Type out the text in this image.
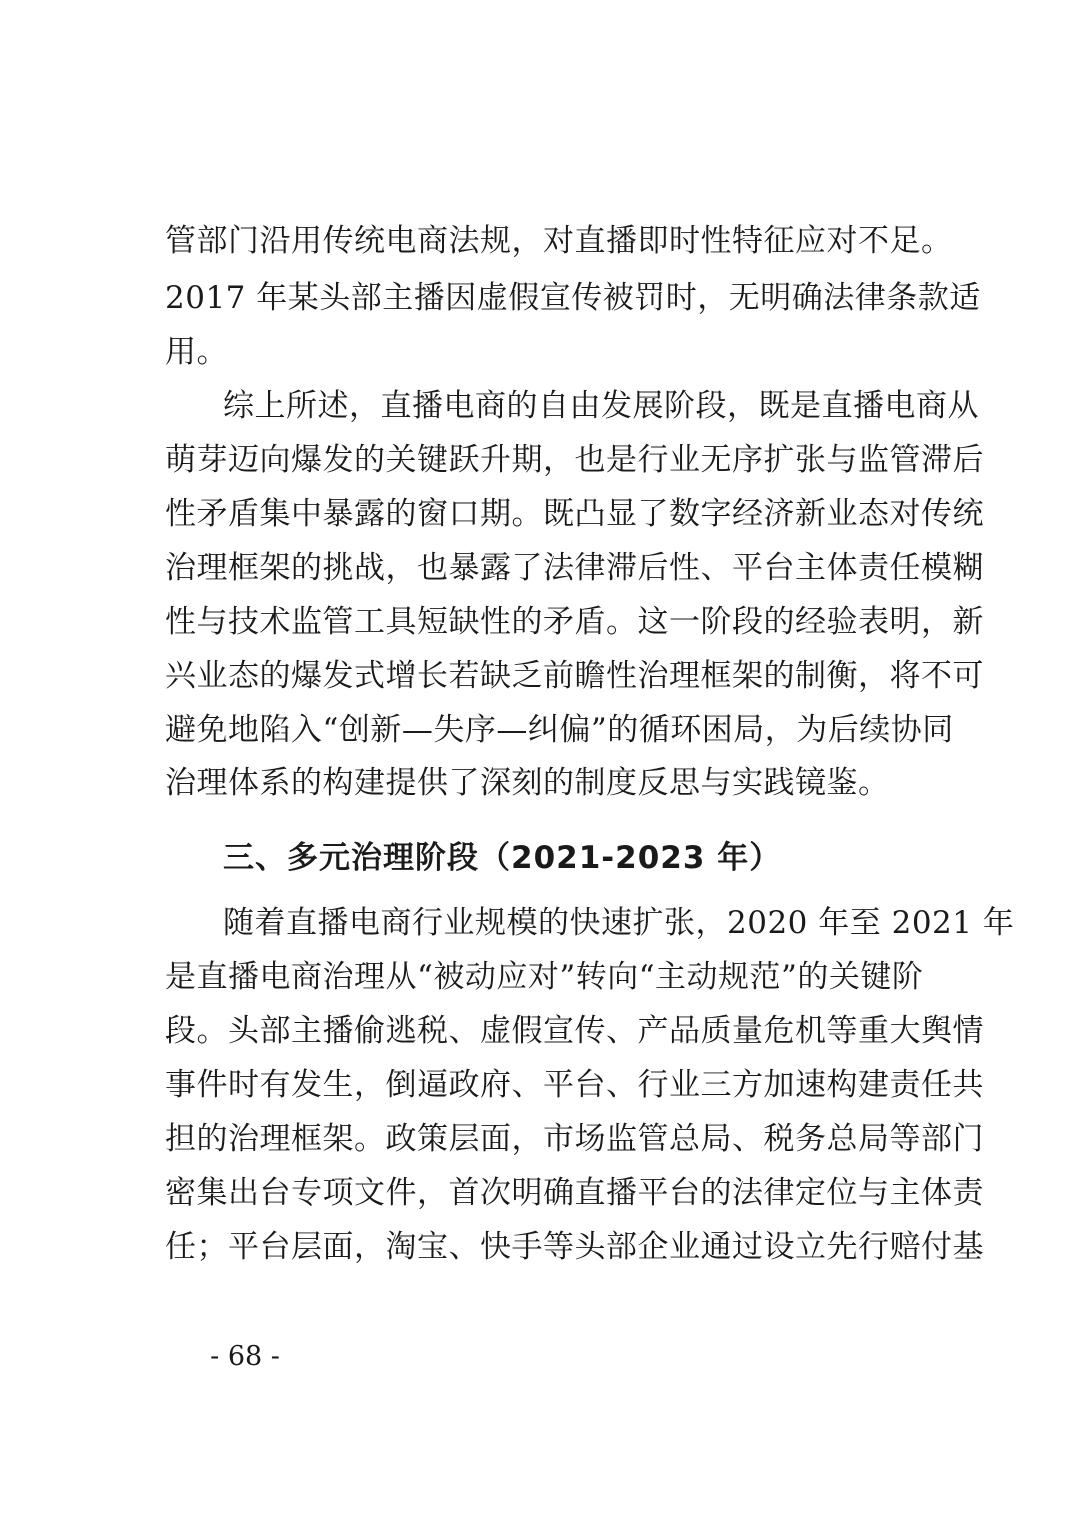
管部门沿用传统电商法规，对直播即时性特征应对不足。
2017 年某头部主播因虚假宣传被罚时，无明确法律条款适
用。
综上所述，直播电商的自由发展阶段，既是直播电商从
萌芽迈向爆发的关键跃升期，也是行业无序扩张与监管滞后
性矛盾集中暴露的窗口期。既凸显了数字经济新业态对传统
治理框架的挑战，也暴露了法律滞后性、平台主体责任模糊
性与技术监管工具短缺性的矛盾。这一阶段的经验表明，新
兴业态的爆发式增长若缺乏前瞻性治理框架的制衡，将不可
避免地陷入“创新—失序—纠偏”的循环困局，为后续协同
治理体系的构建提供了深刻的制度反思与实践镜鉴。
三、多元治理阶段（2021-2023 年）
随着直播电商行业规模的快速扩张，2020 年至 2021 年
是直播电商治理从“被动应对”转向“主动规范”的关键阶
段。头部主播偷逃税、虚假宣传、产品质量危机等重大舆情
事件时有发生，倒逼政府、平台、行业三方加速构建责任共
担的治理框架。政策层面，市场监管总局、税务总局等部门
密集出台专项文件，首次明确直播平台的法律定位与主体责
任；平台层面，淘宝、快手等头部企业通过设立先行赔付基
- 68 -
